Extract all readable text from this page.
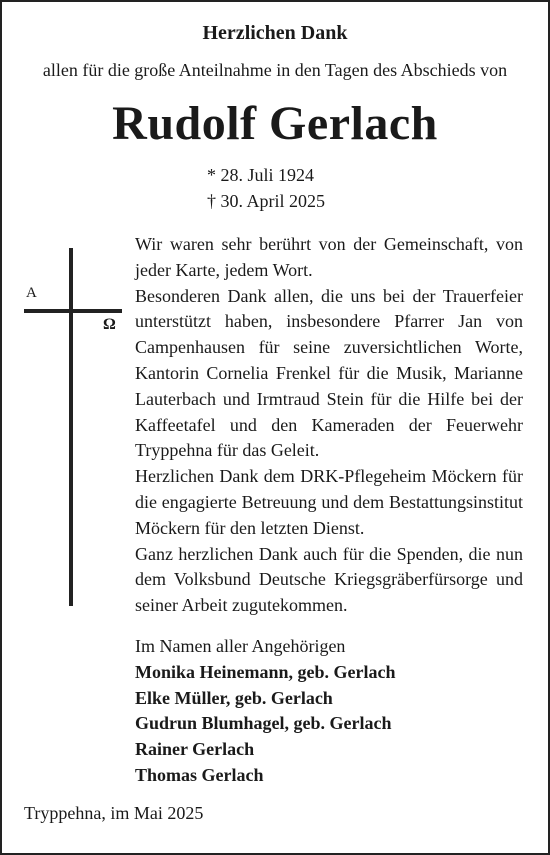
Herzlichen Dank
allen für die große Anteilnahme in den Tagen des Abschieds von
Rudolf Gerlach
* 28. Juli 1924
† 30. April 2025
A
Ω

Wir waren sehr berührt von der Gemeinschaft, von jeder Karte, jedem Wort.

Besonderen Dank allen, die uns bei der Trauerfeier unterstützt haben, insbesondere Pfarrer Jan von Campenhausen für seine zuversichtlichen Worte, Kantorin Cornelia Frenkel für die Musik, Marianne Lauterbach und Irmtraud Stein für die Hilfe bei der Kaffeetafel und den Kameraden der Feuerwehr Tryppehna für das Geleit.

Herzlichen Dank dem DRK-Pflegeheim Möckern für die engagierte Betreuung und dem Bestattungsinstitut Möckern für den letzten Dienst.

Ganz herzlichen Dank auch für die Spenden, die nun dem Volksbund Deutsche Kriegsgräberfürsorge und seiner Arbeit zugutekommen.

Im Namen aller Angehörigen

Monika Heinemann, geb. Gerlach
Elke Müller, geb. Gerlach
Gudrun Blumhagel, geb. Gerlach
Rainer Gerlach
Thomas Gerlach
Tryppehna, im Mai 2025
